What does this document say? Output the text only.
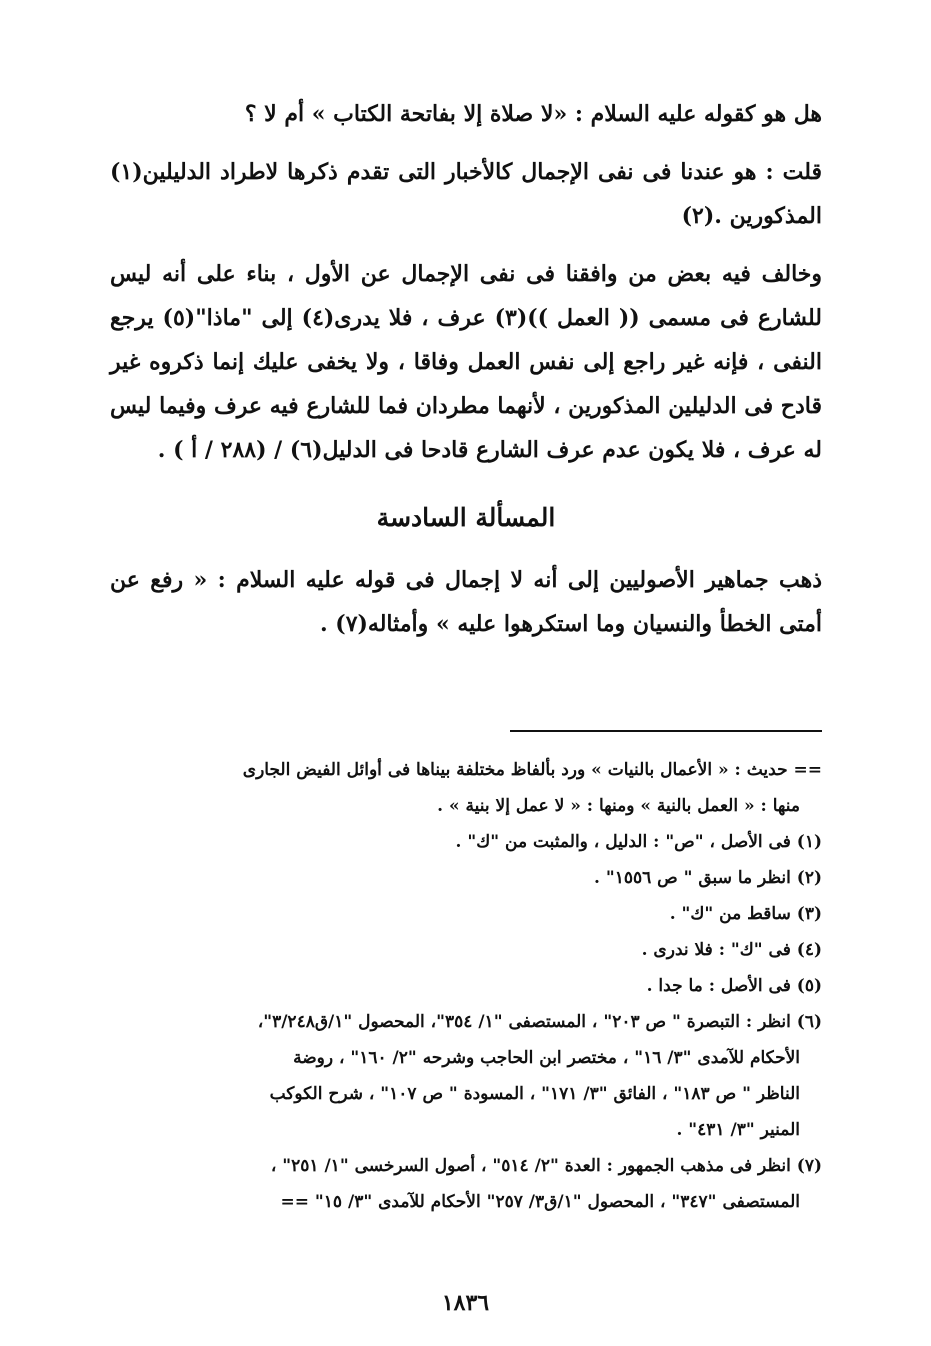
هل هو كقوله عليه السلام : «لا صلاة إلا بفاتحة الكتاب » أم لا ؟

قلت : هو عندنا فى نفى الإجمال كالأخبار التى تقدم ذكرها لاطراد الدليلين(١) المذكورين .(٢)

وخالف فيه بعض من وافقنا فى نفى الإجمال عن الأول ، بناء على أنه ليس للشارع فى مسمى (( العمل ))(٣) عرف ، فلا يدرى(٤) إلى "ماذا"(٥) يرجع النفى ، فإنه غير راجع إلى نفس العمل وفاقا ، ولا يخفى عليك إنما ذكروه غير قادح فى الدليلين المذكورين ، لأنهما مطردان فما للشارع فيه عرف وفيما ليس له عرف ، فلا يكون عدم عرف الشارع قادحا فى الدليل(٦) / (٢٨٨ / أ ) .

المسألة السادسة

ذهب جماهير الأصوليين إلى أنه لا إجمال فى قوله عليه السلام : « رفع عن أمتى الخطأ والنسيان وما استكرهوا عليه » وأمثاله(٧) .

== حديث : « الأعمال بالنيات » ورد بألفاظ مختلفة بيناها فى أوائل الفيض الجارى

منها : « العمل بالنية » ومنها : « لا عمل إلا بنية » .

(١) فى الأصل ، "ص" : الدليل ، والمثبت من "ك" .

(٢) انظر ما سبق " ص ١٥٥٦" .

(٣) ساقط من "ك" .

(٤) فى "ك" : فلا ندرى .

(٥) فى الأصل : ما جدا .

(٦) انظر : التبصرة " ص ٢٠٣" ، المستصفى "١/ ٣٥٤"، المحصول "١/ق٣/٢٤٨"،

الأحكام للآمدى "٣/ ١٦" ، مختصر ابن الحاجب وشرحه "٢/ ١٦٠" ، روضة

الناظر " ص ١٨٣" ، الفائق "٣/ ١٧١" ، المسودة " ص ١٠٧" ، شرح الكوكب

المنير "٣/ ٤٣١" .

(٧) انظر فى مذهب الجمهور : العدة "٢/ ٥١٤" ، أصول السرخسى "١/ ٢٥١" ،

المستصفى "٣٤٧" ، المحصول "١/ق٣/ ٢٥٧" الأحكام للآمدى "٣/ ١٥" ==

١٨٣٦
